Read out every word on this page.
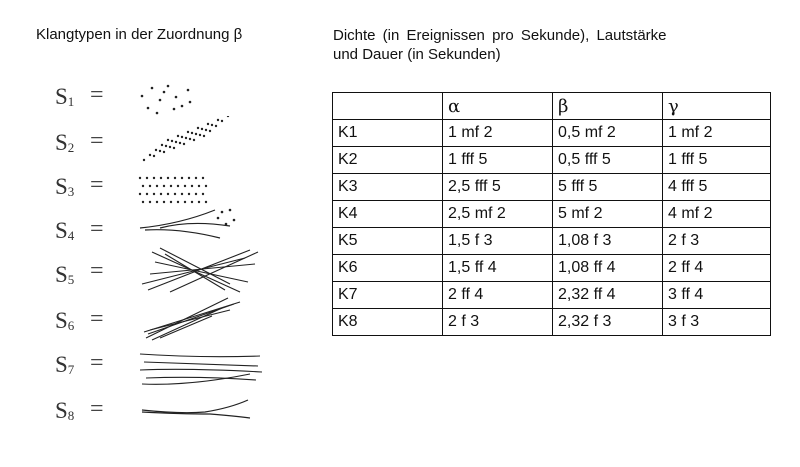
Klangtypen in der Zuordnung β	Dichte (in Ereignissen pro Sekunde), Lautstärke
und Dauer (in Sekunden)
$S_1$ =
$S_2$ =
$S_3$ =
$S_4$ =
$S_5$ =
$S_6$ =
$S_7$ =
$S_8$ =
	α	β	γ
K1	1 mf 2	0,5 mf 2	1 mf 2
K2	1 fff 5	0,5 fff 5	1 fff 5
K3	2,5 fff 5	5 fff 5	4 fff 5
K4	2,5 mf 2	5 mf 2	4 mf 2
K5	1,5 f 3	1,08 f 3	2 f 3
K6	1,5 ff 4	1,08 ff 4	2 ff 4
K7	2 ff 4	2,32 ff 4	3 ff 4
K8	2 f 3	2,32 f 3	3 f 3
